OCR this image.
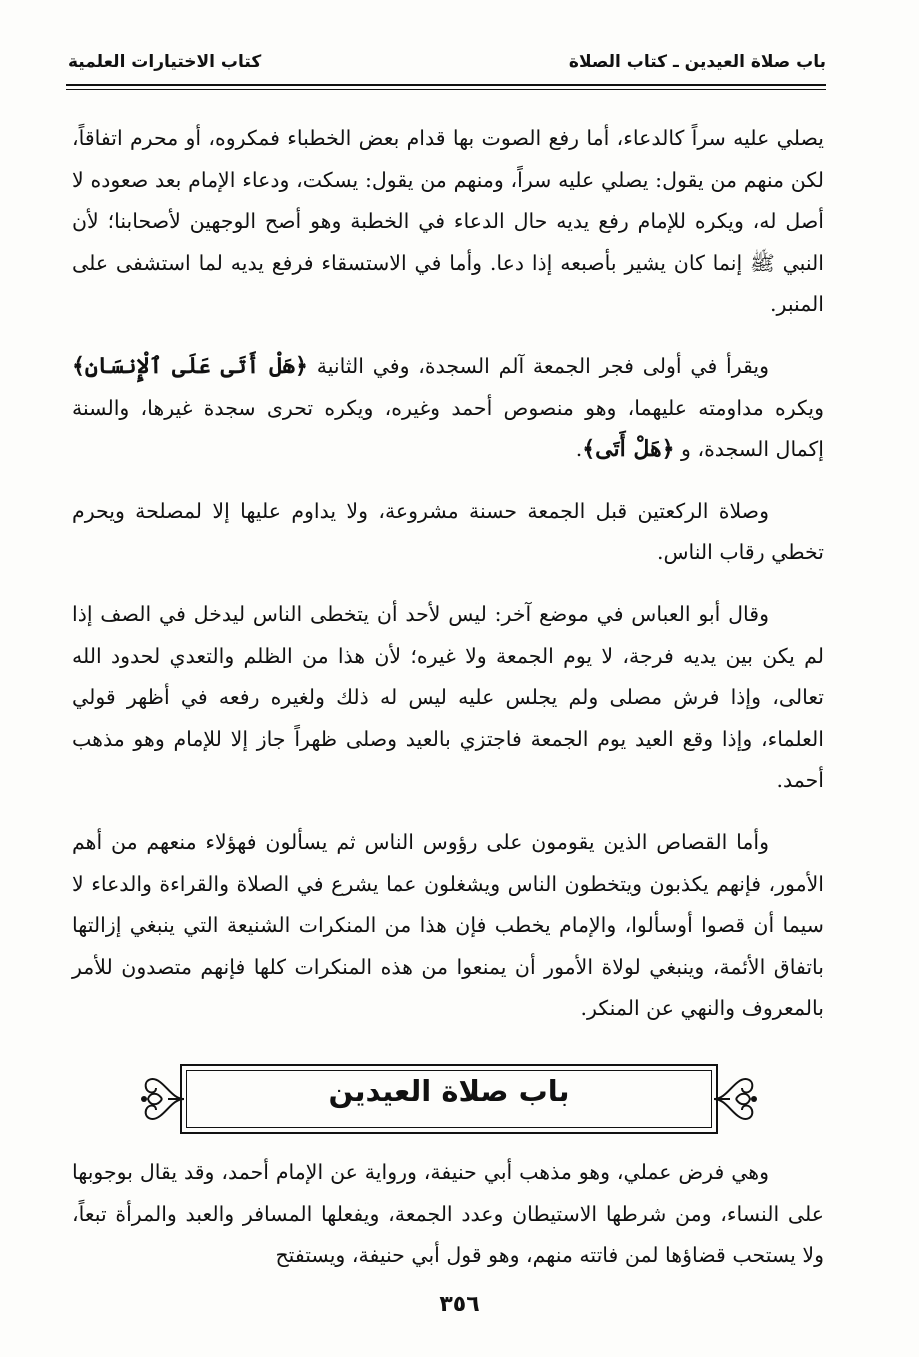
باب صلاة العيدين ـ كتاب الصلاة
كتاب الاختيارات العلمية

يصلي عليه سراً كالدعاء، أما رفع الصوت بها قدام بعض الخطباء فمكروه، أو محرم اتفاقاً، لكن منهم من يقول: يصلي عليه سراً، ومنهم من يقول: يسكت، ودعاء الإمام بعد صعوده لا أصل له، ويكره للإمام رفع يديه حال الدعاء في الخطبة وهو أصح الوجهين لأصحابنا؛ لأن النبي ﷺ إنما كان يشير بأصبعه إذا دعا. وأما في الاستسقاء فرفع يديه لما استشفى على المنبر.

ويقرأ في أولى فجر الجمعة آلم السجدة، وفي الثانية ﴿هَلْ أَتَى عَلَى ٱلْإِنسَانِ﴾ ويكره مداومته عليهما، وهو منصوص أحمد وغيره، ويكره تحرى سجدة غيرها، والسنة إكمال السجدة، و ﴿هَلْ أَتَى﴾.

وصلاة الركعتين قبل الجمعة حسنة مشروعة، ولا يداوم عليها إلا لمصلحة ويحرم تخطي رقاب الناس.

وقال أبو العباس في موضع آخر: ليس لأحد أن يتخطى الناس ليدخل في الصف إذا لم يكن بين يديه فرجة، لا يوم الجمعة ولا غيره؛ لأن هذا من الظلم والتعدي لحدود الله تعالى، وإذا فرش مصلى ولم يجلس عليه ليس له ذلك ولغيره رفعه في أظهر قولي العلماء، وإذا وقع العيد يوم الجمعة فاجتزي بالعيد وصلى ظهراً جاز إلا للإمام وهو مذهب أحمد.

وأما القصاص الذين يقومون على رؤوس الناس ثم يسألون فهؤلاء منعهم من أهم الأمور، فإنهم يكذبون ويتخطون الناس ويشغلون عما يشرع في الصلاة والقراءة والدعاء لا سيما أن قصوا أوسألوا، والإمام يخطب فإن هذا من المنكرات الشنيعة التي ينبغي إزالتها باتفاق الأئمة، وينبغي لولاة الأمور أن يمنعوا من هذه المنكرات كلها فإنهم متصدون للأمر بالمعروف والنهي عن المنكر.

باب صلاة العيدين

وهي فرض عملي، وهو مذهب أبي حنيفة، ورواية عن الإمام أحمد، وقد يقال بوجوبها على النساء، ومن شرطها الاستيطان وعدد الجمعة، ويفعلها المسافر والعبد والمرأة تبعاً، ولا يستحب قضاؤها لمن فاتته منهم، وهو قول أبي حنيفة، ويستفتح

٣٥٦
